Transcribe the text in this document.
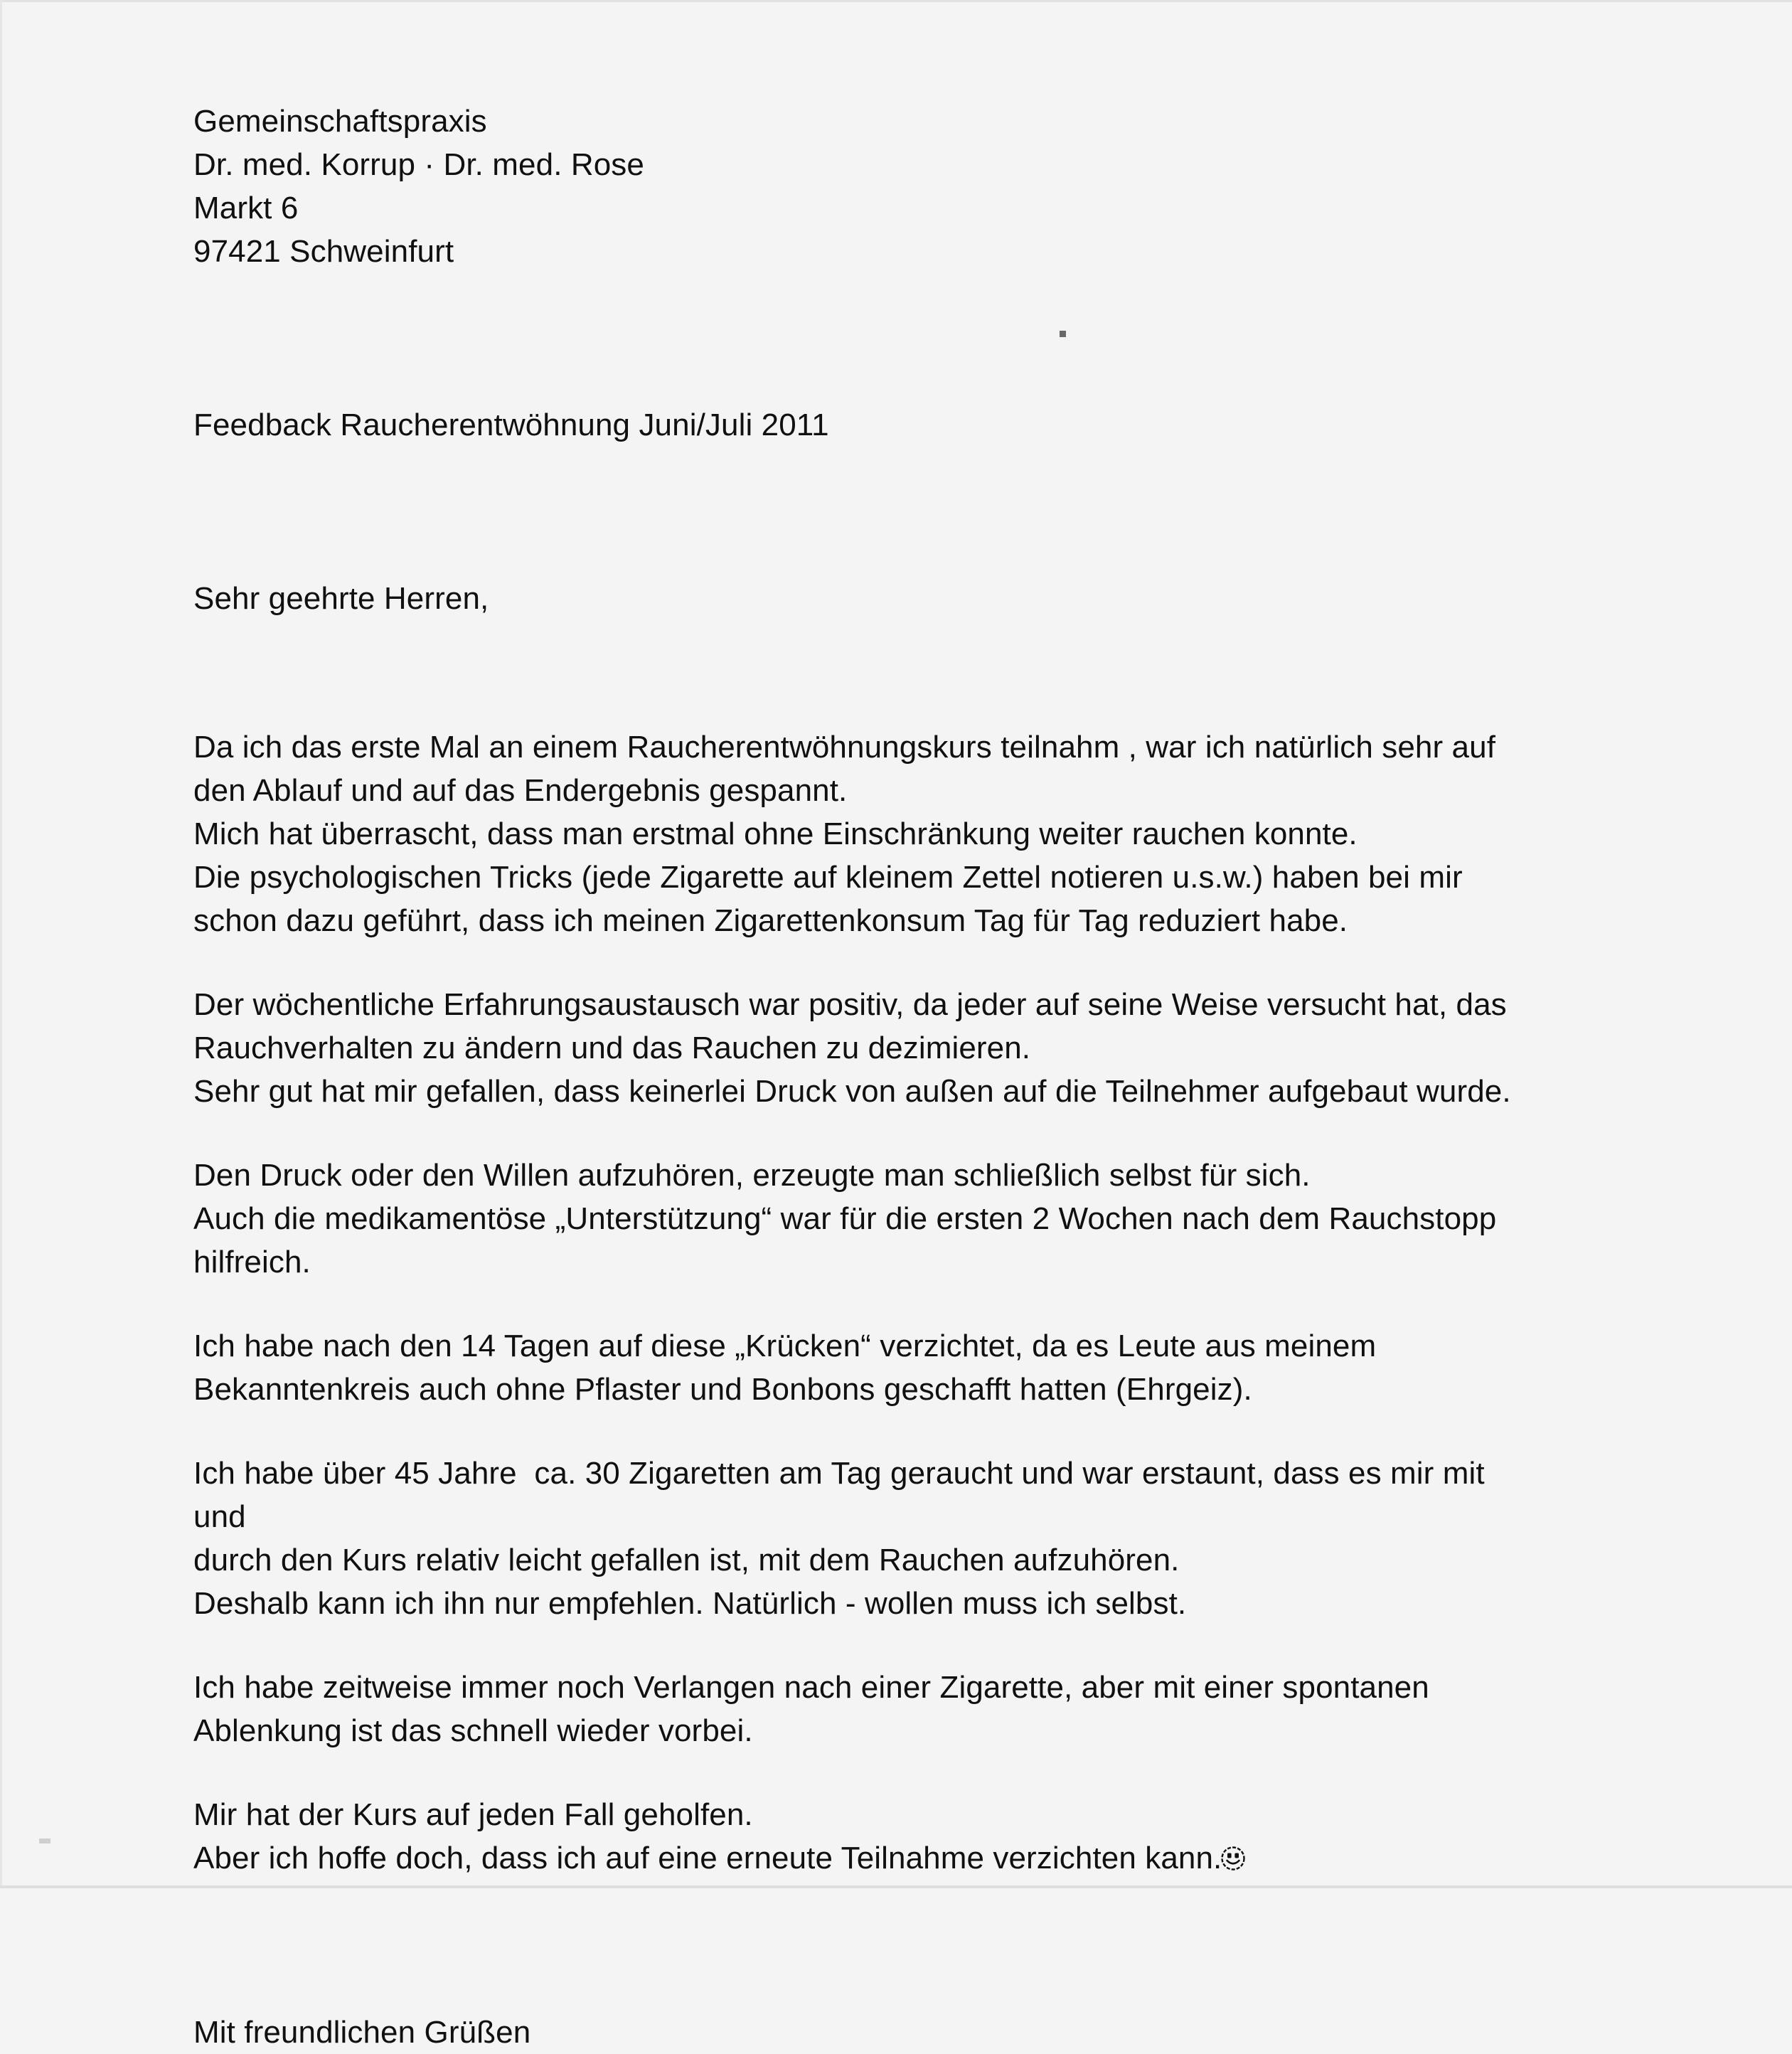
Gemeinschaftspraxis
Dr. med. Korrup · Dr. med. Rose
Markt 6
97421 Schweinfurt
Feedback Raucherentwöhnung Juni/Juli 2011
Sehr geehrte Herren,
Da ich das erste Mal an einem Raucherentwöhnungskurs teilnahm , war ich natürlich sehr auf
den Ablauf und auf das Endergebnis gespannt.
Mich hat überrascht, dass man erstmal ohne Einschränkung weiter rauchen konnte.
Die psychologischen Tricks (jede Zigarette auf kleinem Zettel notieren u.s.w.) haben bei mir
schon dazu geführt, dass ich meinen Zigarettenkonsum Tag für Tag reduziert habe.
Der wöchentliche Erfahrungsaustausch war positiv, da jeder auf seine Weise versucht hat, das
Rauchverhalten zu ändern und das Rauchen zu dezimieren.
Sehr gut hat mir gefallen, dass keinerlei Druck von außen auf die Teilnehmer aufgebaut wurde.
Den Druck oder den Willen aufzuhören, erzeugte man schließlich selbst für sich.
Auch die medikamentöse „Unterstützung“ war für die ersten 2 Wochen nach dem Rauchstopp
hilfreich.
Ich habe nach den 14 Tagen auf diese „Krücken“ verzichtet, da es Leute aus meinem
Bekanntenkreis auch ohne Pflaster und Bonbons geschafft hatten (Ehrgeiz).
Ich habe über 45 Jahre  ca. 30 Zigaretten am Tag geraucht und war erstaunt, dass es mir mit und
durch den Kurs relativ leicht gefallen ist, mit dem Rauchen aufzuhören.
Deshalb kann ich ihn nur empfehlen. Natürlich - wollen muss ich selbst.
Ich habe zeitweise immer noch Verlangen nach einer Zigarette, aber mit einer spontanen
Ablenkung ist das schnell wieder vorbei.
Mir hat der Kurs auf jeden Fall geholfen.
Aber ich hoffe doch, dass ich auf eine erneute Teilnahme verzichten kann.
Mit freundlichen Grüßen
